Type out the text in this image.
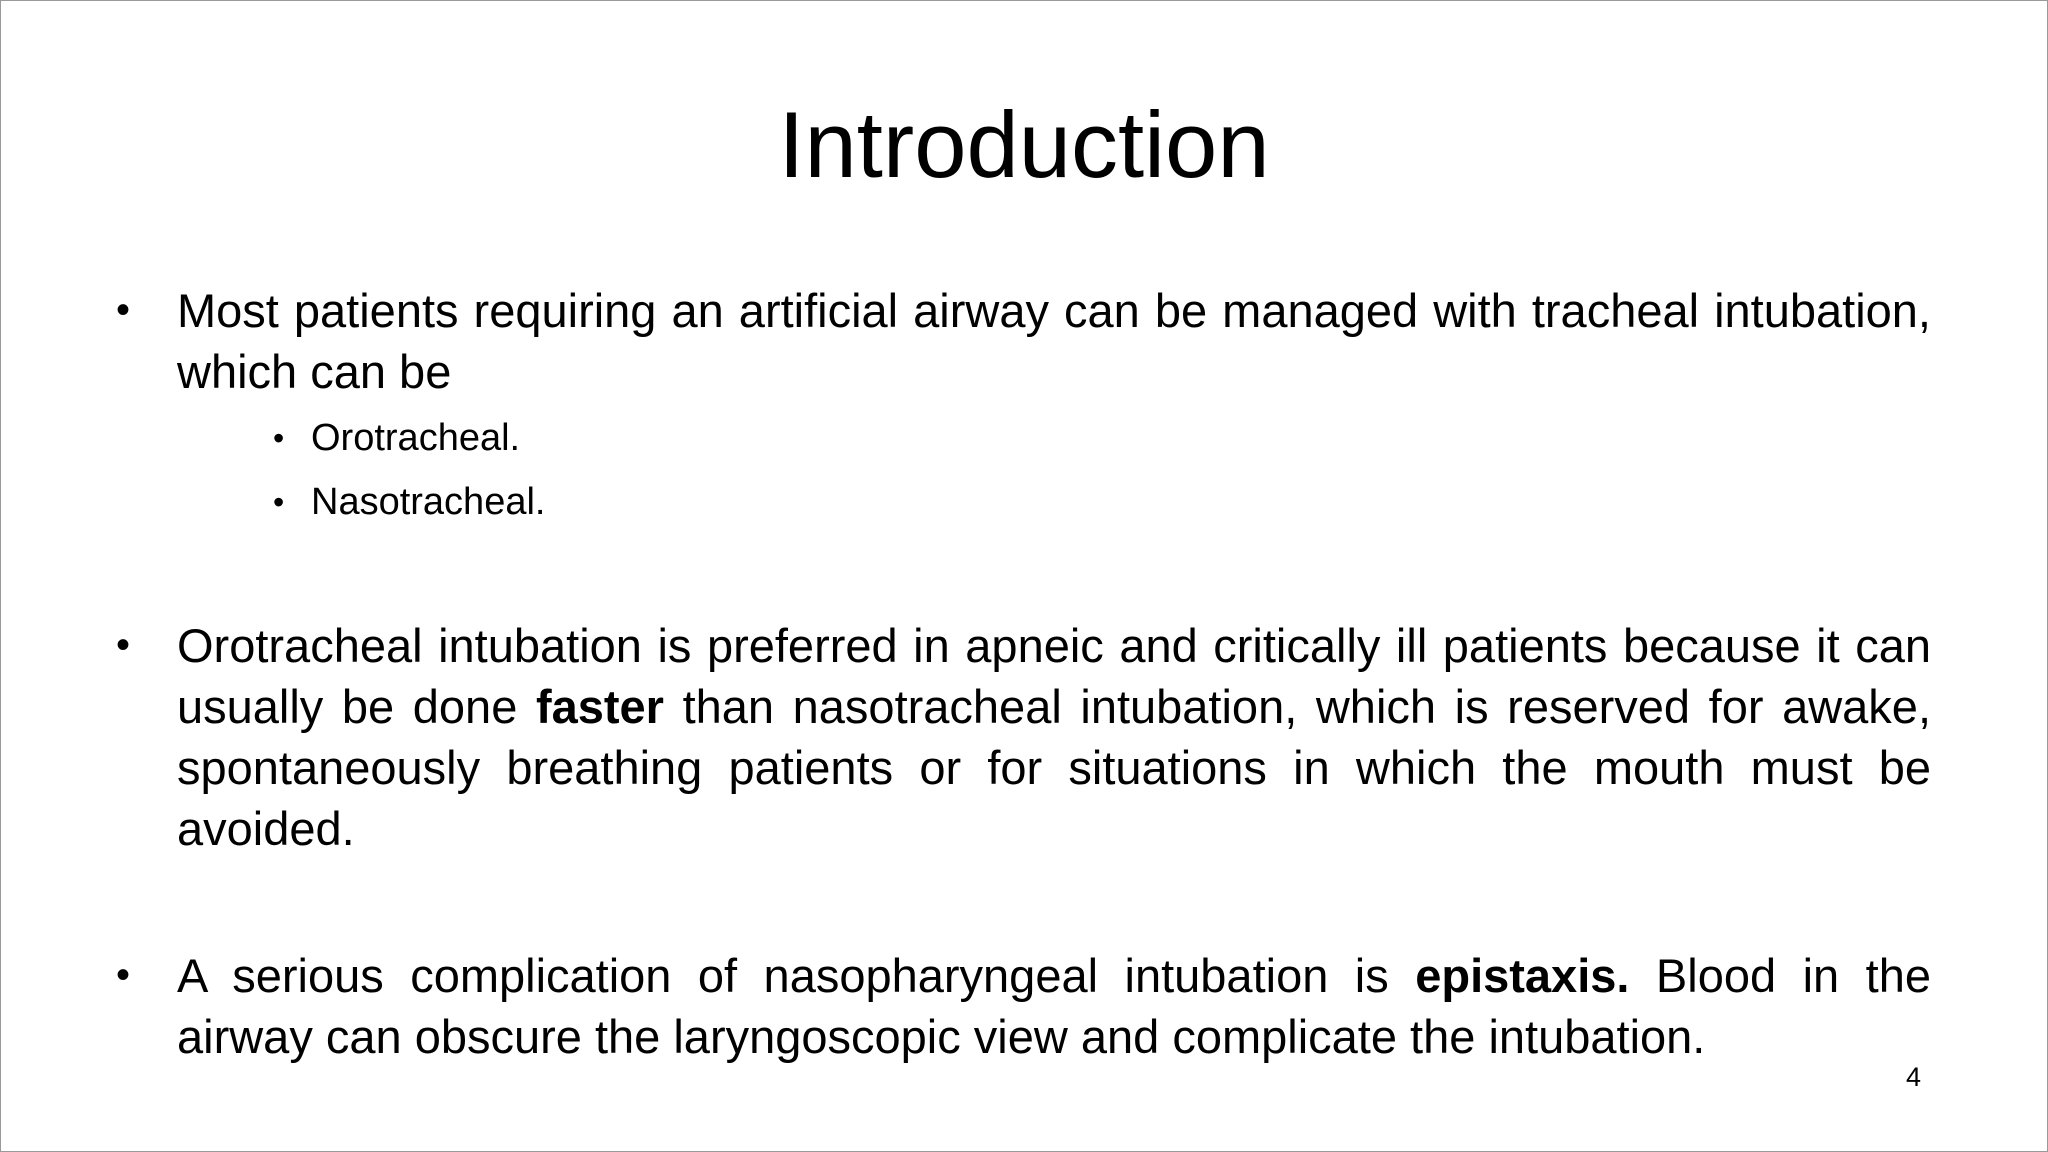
Introduction
• Most patients requiring an artificial airway can be managed with tracheal intubation, which can be

• Orotracheal.
• Nasotracheal.
• Orotracheal intubation is preferred in apneic and critically ill patients because it can usually be done faster than nasotracheal intubation, which is reserved for awake, spontaneously breathing patients or for situations in which the mouth must be avoided.

• A serious complication of nasopharyngeal intubation is epistaxis. Blood in the airway can obscure the laryngoscopic view and complicate the intubation.

4
